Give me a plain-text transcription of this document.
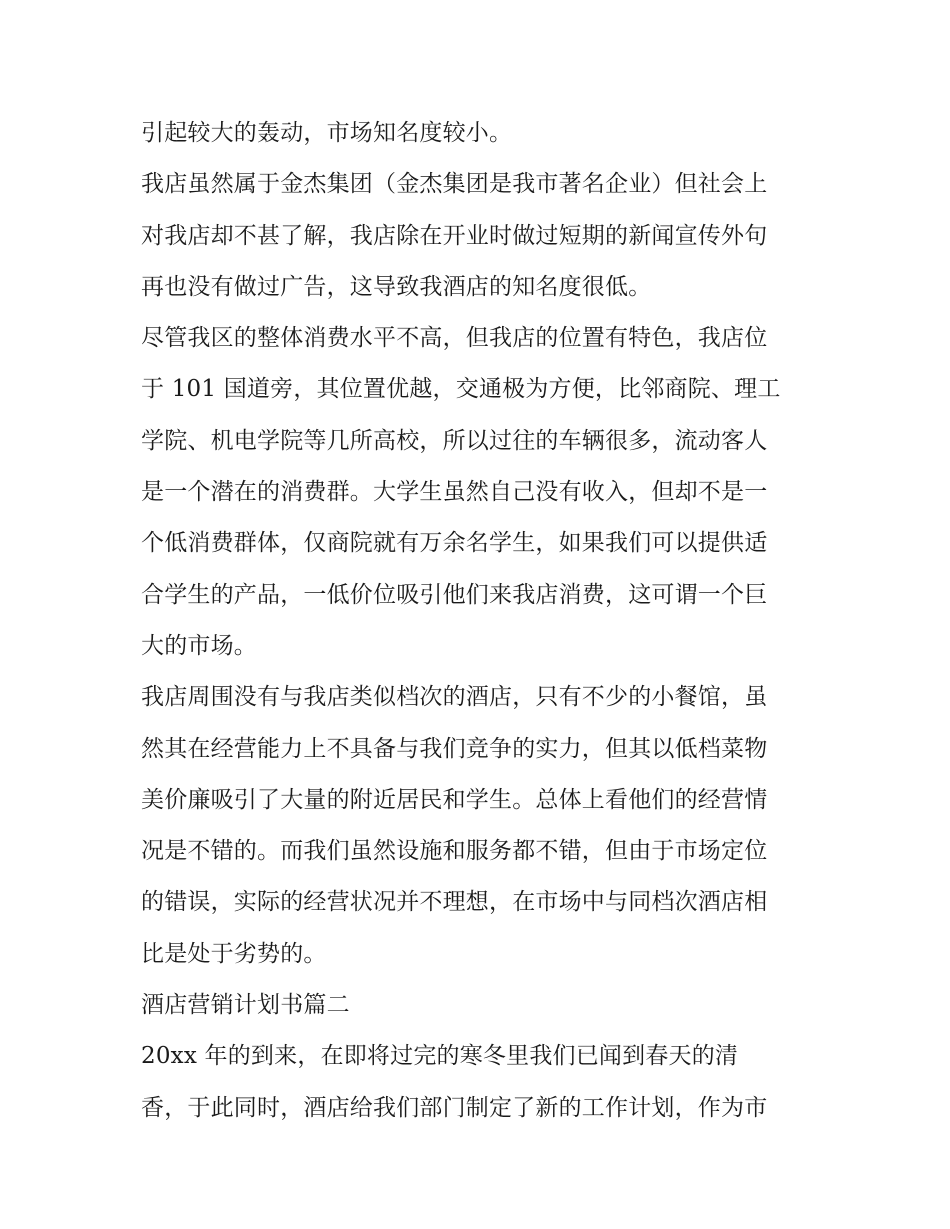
引起较大的轰动，市场知名度较小。
我店虽然属于金杰集团（金杰集团是我市著名企业）但社会上
对我店却不甚了解，我店除在开业时做过短期的新闻宣传外句
再也没有做过广告，这导致我酒店的知名度很低。
尽管我区的整体消费水平不高，但我店的位置有特色，我店位
于 101 国道旁，其位置优越，交通极为方便，比邻商院、理工
学院、机电学院等几所高校，所以过往的车辆很多，流动客人
是一个潜在的消费群。大学生虽然自己没有收入，但却不是一
个低消费群体，仅商院就有万余名学生，如果我们可以提供适
合学生的产品，一低价位吸引他们来我店消费，这可谓一个巨
大的市场。
我店周围没有与我店类似档次的酒店，只有不少的小餐馆，虽
然其在经营能力上不具备与我们竞争的实力，但其以低档菜物
美价廉吸引了大量的附近居民和学生。总体上看他们的经营情
况是不错的。而我们虽然设施和服务都不错，但由于市场定位
的错误，实际的经营状况并不理想，在市场中与同档次酒店相
比是处于劣势的。
酒店营销计划书篇二
20xx 年的到来，在即将过完的寒冬里我们已闻到春天的清
香，于此同时，酒店给我们部门制定了新的工作计划，作为市
